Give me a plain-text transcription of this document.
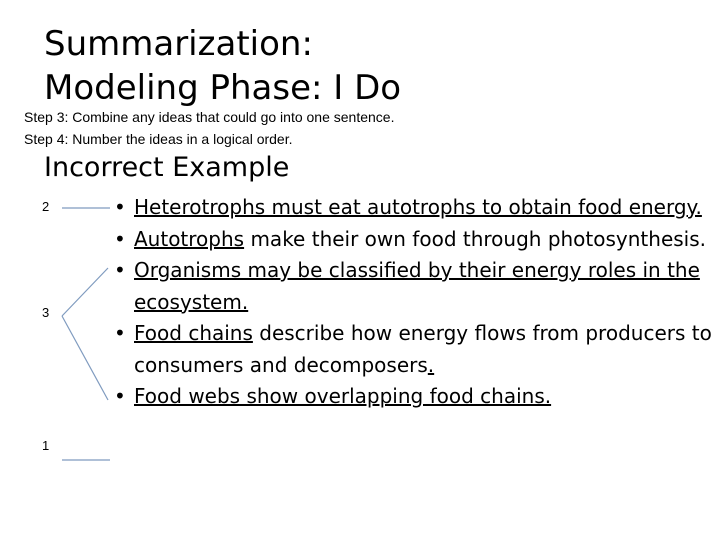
Summarization:
Modeling Phase: I Do
Step 3: Combine any ideas that could go into one sentence.
Step 4: Number the ideas in a logical order.
Incorrect Example
2
3
1
• Heterotrophs must eat autotrophs to obtain food energy.
• Autotrophs make their own food through photosynthesis.
• Organisms may be classified by their energy roles in the ecosystem.
• Food chains describe how energy flows from producers to consumers and decomposers.
• Food webs show overlapping food chains.
